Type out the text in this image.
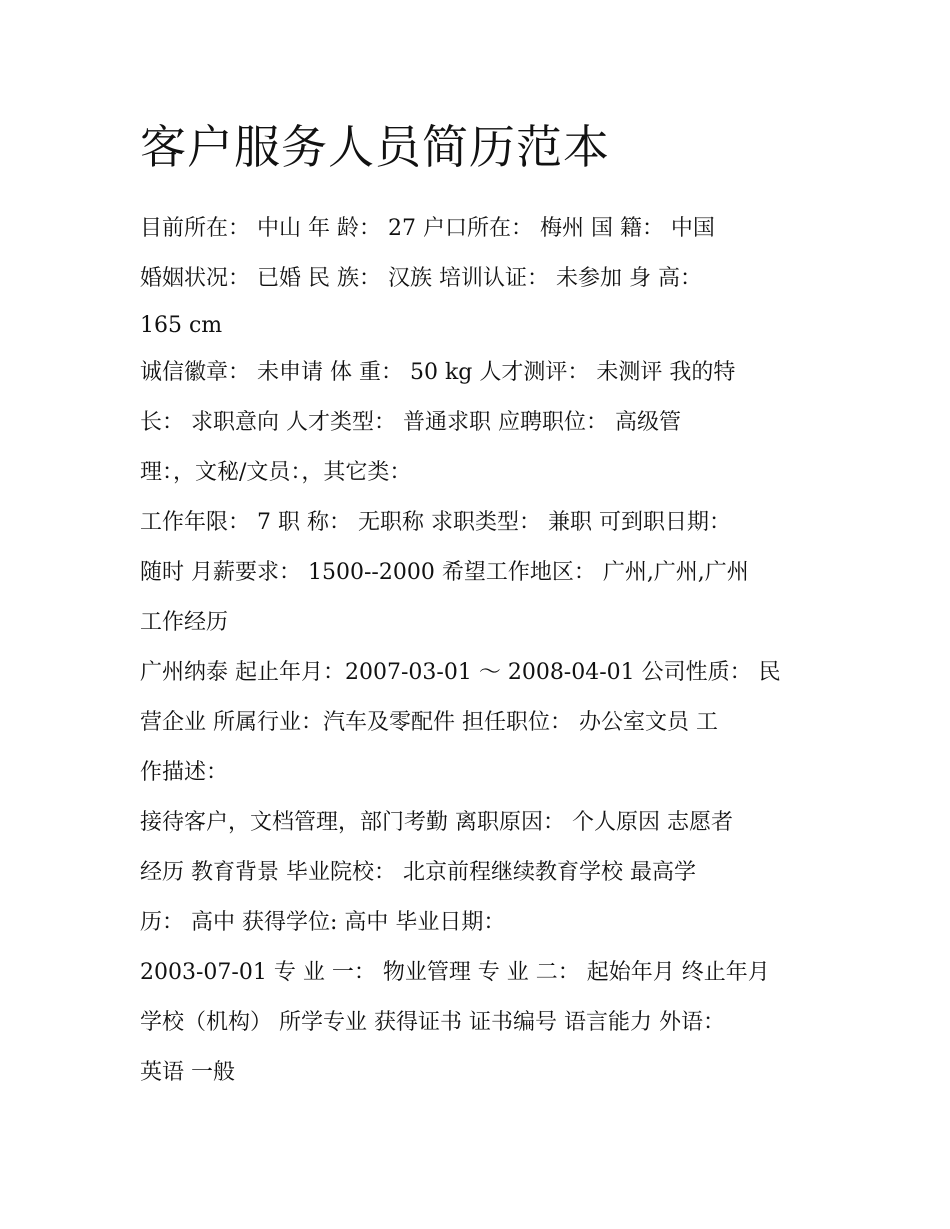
客户服务人员简历范本

目前所在： 中山 年 龄： 27 户口所在： 梅州 国 籍： 中国

婚姻状况： 已婚 民 族： 汉族 培训认证： 未参加 身 高：

165 cm

诚信徽章： 未申请 体 重： 50 kg 人才测评： 未测评 我的特

长： 求职意向 人才类型： 普通求职 应聘职位： 高级管

理：，文秘/文员：，其它类：

工作年限： 7 职 称： 无职称 求职类型： 兼职 可到职日期：

随时 月薪要求： 1500--2000 希望工作地区： 广州,广州,广州

工作经历

广州纳泰 起止年月：2007-03-01 ～ 2008-04-01 公司性质： 民

营企业 所属行业：汽车及零配件 担任职位： 办公室文员 工

作描述：

接待客户，文档管理，部门考勤 离职原因： 个人原因 志愿者

经历 教育背景 毕业院校： 北京前程继续教育学校 最高学

历： 高中 获得学位: 高中 毕业日期：

2003-07-01 专 业 一： 物业管理 专 业 二： 起始年月 终止年月

学校（机构） 所学专业 获得证书 证书编号 语言能力 外语：

英语 一般
